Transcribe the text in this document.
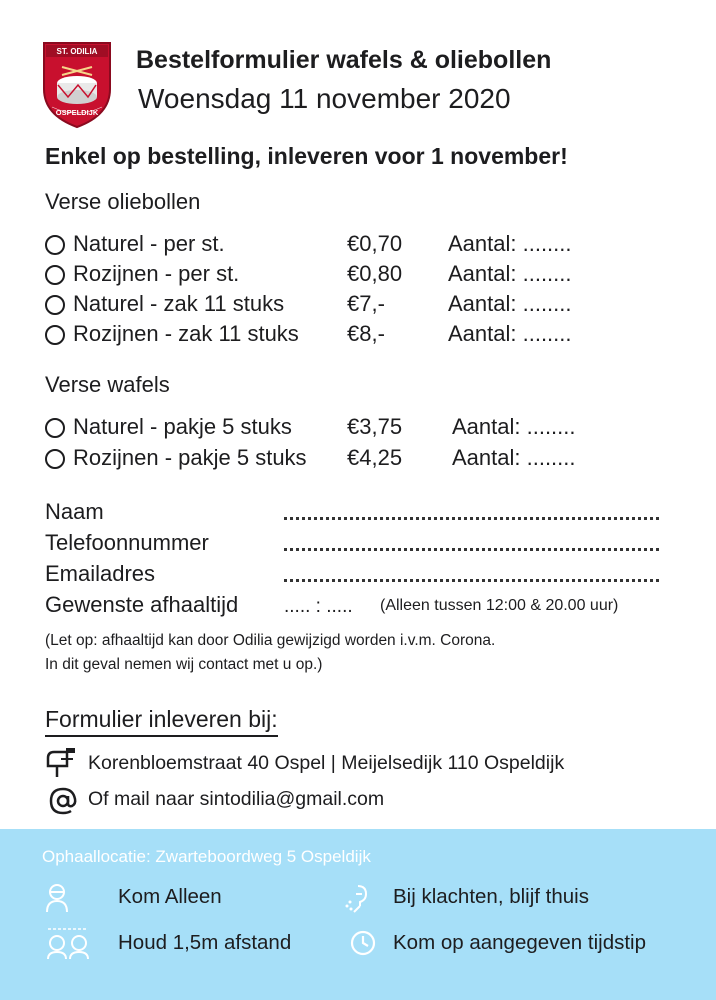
ST. ODILIA
OSPELDIJK
Bestelformulier wafels & oliebollen
Woensdag 11 november 2020
Enkel op bestelling, inleveren voor 1 november!
Verse oliebollen
Naturel - per st.	€0,70 Aantal: ........
Rozijnen - per st.	€0,80 Aantal: ........
Naturel - zak 11 stuks	€7,-	Aantal: ........
Rozijnen - zak 11 stuks €8,-	Aantal: ........
Verse wafels
Naturel - pakje 5 stuks	€3,75 Aantal: ........
Rozijnen - pakje 5 stuks €4,25 Aantal: ........
Naam
Telefoonnummer
Emailadres
Gewenste afhaaltijd ..... : ..... (Alleen tussen 12:00 & 20.00 uur)
(Let op: afhaaltijd kan door Odilia gewijzigd worden i.v.m. Corona.
In dit geval nemen wij contact met u op.)
Formulier inleveren bij:
Korenbloemstraat 40 Ospel | Meijelsedijk 110 Ospeldijk
Of mail naar sintodilia@gmail.com
Ophaallocatie: Zwarteboordweg 5 Ospeldijk
Kom Alleen	Bij klachten, blijf thuis
Houd 1,5m afstand	Kom op aangegeven tijdstip
